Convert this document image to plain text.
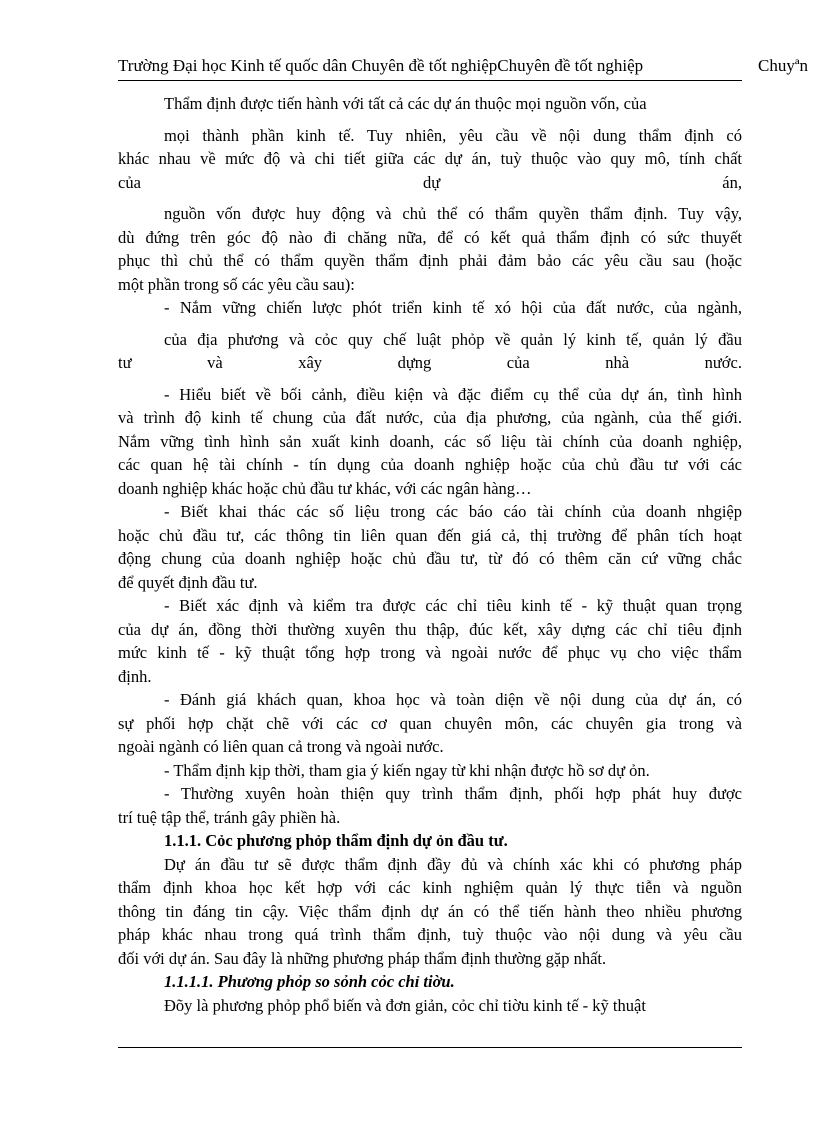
Trường Đại học Kinh tế quốc dân Chuyên đề tốt nghiệpChuyên đề tốt nghiệp	Chuyªn
Thẩm định được tiến hành với tất cả các dự án thuộc mọi nguồn vốn, của
mọi thành phần kinh tế. Tuy nhiên, yêu cầu về nội dung thẩm định có
khác nhau về mức độ và chi tiết giữa các dự án, tuỳ thuộc vào quy mô, tính chất
của dự án,
nguồn vốn được huy động và chủ thể có thẩm quyền thẩm định. Tuy vậy,
dù đứng trên góc độ nào đi chăng nữa, để có kết quả thẩm định có sức thuyết
phục thì chủ thể có thẩm quyền thẩm định phải đảm bảo các yêu cầu sau (hoặc
một phần trong số các yêu cầu sau):
- Nắm vững chiến lược phót triển kinh tế xó hội của đất nước, của ngành,
của địa phương và cỏc quy chế luật phỏp về quản lý kinh tế, quản lý đầu
tư và xây dựng của nhà nước.
- Hiểu biết về bối cảnh, điều kiện và đặc điểm cụ thể của dự án, tình hình
và trình độ kinh tế chung của đất nước, của địa phương, của ngành, của thế giới.
Nắm vững tình hình sản xuất kinh doanh, các số liệu tài chính của doanh nghiệp,
các quan hệ tài chính - tín dụng của doanh nghiệp hoặc của chủ đầu tư với các
doanh nghiệp khác hoặc chủ đầu tư khác, với các ngân hàng…
- Biết khai thác các số liệu trong các báo cáo tài chính của doanh nhgiệp
hoặc chủ đầu tư, các thông tin liên quan đến giá cả, thị trường để phân tích hoạt
động chung của doanh nghiệp hoặc chủ đầu tư, từ đó có thêm căn cứ vững chắc
để quyết định đầu tư.
- Biết xác định và kiểm tra được các chỉ tiêu kinh tế - kỹ thuật quan trọng
của dự án, đồng thời thường xuyên thu thập, đúc kết, xây dựng các chỉ tiêu định
mức kinh tế - kỹ thuật tổng hợp trong và ngoài nước để phục vụ cho việc thẩm
định.
- Đánh giá khách quan, khoa học và toàn diện về nội dung của dự án, có
sự phối hợp chặt chẽ với các cơ quan chuyên môn, các chuyên gia trong và
ngoài ngành có liên quan cả trong và ngoài nước.
- Thẩm định kịp thời, tham gia ý kiến ngay từ khi nhận được hồ sơ dự ỏn.
- Thường xuyên hoàn thiện quy trình thẩm định, phối hợp phát huy được
trí tuệ tập thể, tránh gây phiền hà.
1.1.1. Cỏc phương phỏp thẩm định dự ỏn đầu tư.
Dự án đầu tư sẽ được thẩm định đầy đủ và chính xác khi có phương pháp
thẩm định khoa học kết hợp với các kinh nghiệm quản lý thực tiễn và nguồn
thông tin đáng tin cậy. Việc thẩm định dự án có thể tiến hành theo nhiều phương
pháp khác nhau trong quá trình thẩm định, tuỳ thuộc vào nội dung và yêu cầu
đối với dự án. Sau đây là những phương pháp thẩm định thường gặp nhất.
1.1.1.1. Phương phỏp so sỏnh cỏc chỉ tiờu.
Đõy là phương phỏp phổ biến và đơn giản, cỏc chỉ tiờu kinh tế - kỹ thuật
